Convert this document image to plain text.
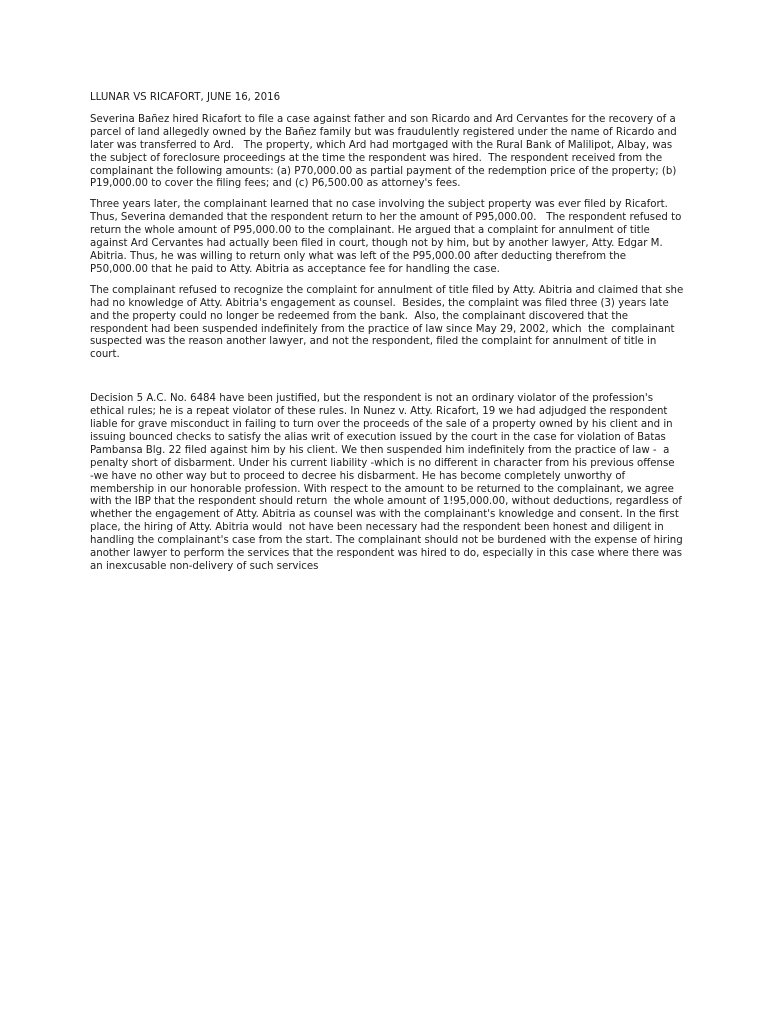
LLUNAR VS RICAFORT, JUNE 16, 2016

Severina Bañez hired Ricafort to file a case against father and son Ricardo and Ard Cervantes for the recovery of a
parcel of land allegedly owned by the Bañez family but was fraudulently registered under the name of Ricardo and
later was transferred to Ard.   The property, which Ard had mortgaged with the Rural Bank of Malilipot, Albay, was
the subject of foreclosure proceedings at the time the respondent was hired.  The respondent received from the
complainant the following amounts: (a) P70,000.00 as partial payment of the redemption price of the property; (b)
P19,000.00 to cover the filing fees; and (c) P6,500.00 as attorney's fees.
Three years later, the complainant learned that no case involving the subject property was ever filed by Ricafort.
Thus, Severina demanded that the respondent return to her the amount of P95,000.00.   The respondent refused to
return the whole amount of P95,000.00 to the complainant. He argued that a complaint for annulment of title
against Ard Cervantes had actually been filed in court, though not by him, but by another lawyer, Atty. Edgar M.
Abitria. Thus, he was willing to return only what was left of the P95,000.00 after deducting therefrom the
P50,000.00 that he paid to Atty. Abitria as acceptance fee for handling the case.
The complainant refused to recognize the complaint for annulment of title filed by Atty. Abitria and claimed that she
had no knowledge of Atty. Abitria's engagement as counsel.  Besides, the complaint was filed three (3) years late
and the property could no longer be redeemed from the bank.  Also, the complainant discovered that the
respondent had been suspended indefinitely from the practice of law since May 29, 2002, which  the  complainant
suspected was the reason another lawyer, and not the respondent, filed the complaint for annulment of title in
court.
Decision 5 A.C. No. 6484 have been justified, but the respondent is not an ordinary violator of the profession's
ethical rules; he is a repeat violator of these rules. In Nunez v. Atty. Ricafort, 19 we had adjudged the respondent
liable for grave misconduct in failing to turn over the proceeds of the sale of a property owned by his client and in
issuing bounced checks to satisfy the alias writ of execution issued by the court in the case for violation of Batas
Pambansa Blg. 22 filed against him by his client. We then suspended him indefinitely from the practice of law -  a
penalty short of disbarment. Under his current liability -which is no different in character from his previous offense
-we have no other way but to proceed to decree his disbarment. He has become completely unworthy of
membership in our honorable profession. With respect to the amount to be returned to the complainant, we agree
with the IBP that the respondent should return  the whole amount of 1!95,000.00, without deductions, regardless of
whether the engagement of Atty. Abitria as counsel was with the complainant's knowledge and consent. In the first
place, the hiring of Atty. Abitria would  not have been necessary had the respondent been honest and diligent in
handling the complainant's case from the start. The complainant should not be burdened with the expense of hiring
another lawyer to perform the services that the respondent was hired to do, especially in this case where there was
an inexcusable non-delivery of such services
